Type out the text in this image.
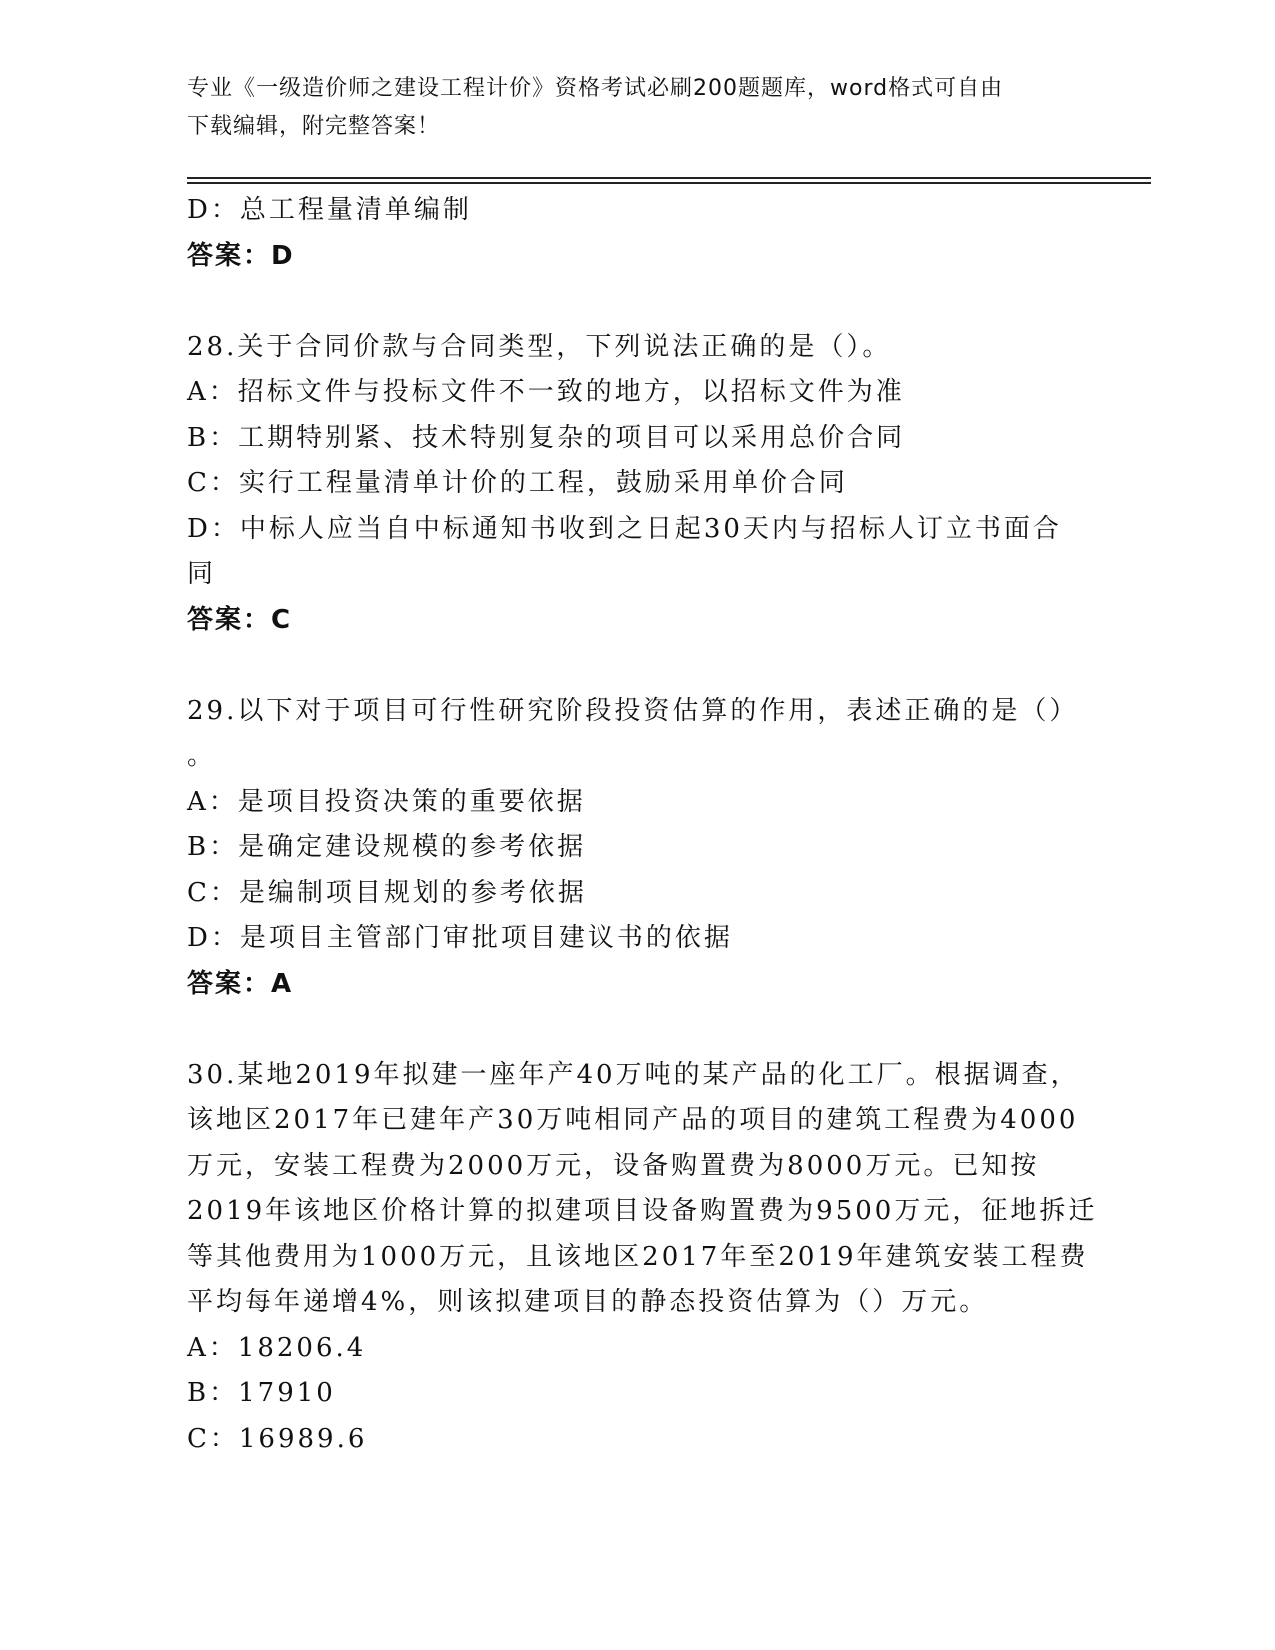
专业《一级造价师之建设工程计价》资格考试必刷200题题库，word格式可自由

下载编辑，附完整答案！

D：总工程量清单编制

答案：D

28.关于合同价款与合同类型，下列说法正确的是（）。

A：招标文件与投标文件不一致的地方，以招标文件为准

B：工期特别紧、技术特别复杂的项目可以采用总价合同

C：实行工程量清单计价的工程，鼓励采用单价合同

D：中标人应当自中标通知书收到之日起30天内与招标人订立书面合

同

答案：C

29.以下对于项目可行性研究阶段投资估算的作用，表述正确的是（）

。

A：是项目投资决策的重要依据

B：是确定建设规模的参考依据

C：是编制项目规划的参考依据

D：是项目主管部门审批项目建议书的依据

答案：A

30.某地2019年拟建一座年产40万吨的某产品的化工厂。根据调查，

该地区2017年已建年产30万吨相同产品的项目的建筑工程费为4000

万元，安装工程费为2000万元，设备购置费为8000万元。已知按

2019年该地区价格计算的拟建项目设备购置费为9500万元，征地拆迁

等其他费用为1000万元，且该地区2017年至2019年建筑安装工程费

平均每年递增4%，则该拟建项目的静态投资估算为（）万元。

A：18206.4

B：17910

C：16989.6
